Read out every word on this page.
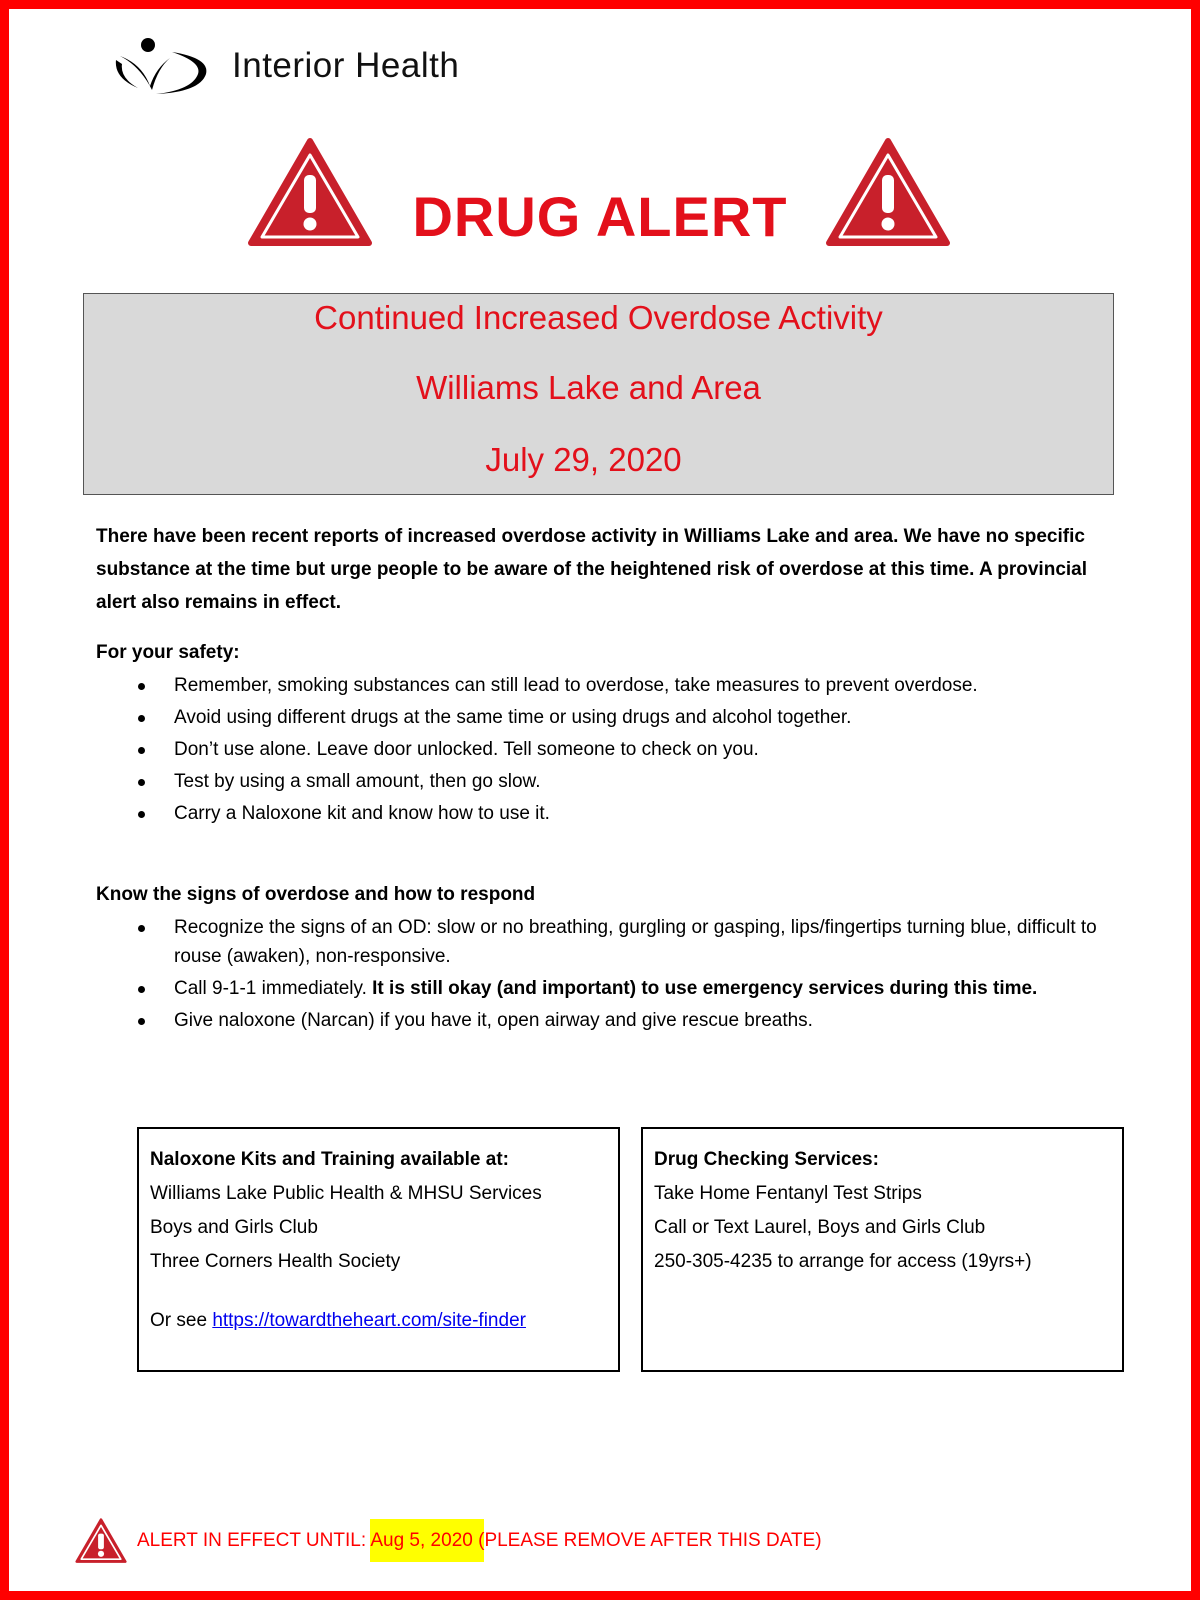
Interior Health
DRUG ALERT
Continued Increased Overdose Activity
Williams Lake and Area
July 29, 2020
There have been recent reports of increased overdose activity in Williams Lake and area. We have no specific substance at the time but urge people to be aware of the heightened risk of overdose at this time. A provincial alert also remains in effect.
For your safety:
Remember, smoking substances can still lead to overdose, take measures to prevent overdose.
Avoid using different drugs at the same time or using drugs and alcohol together.
Don’t use alone. Leave door unlocked. Tell someone to check on you.
Test by using a small amount, then go slow.
Carry a Naloxone kit and know how to use it.
Know the signs of overdose and how to respond
Recognize the signs of an OD: slow or no breathing, gurgling or gasping, lips/fingertips turning blue, difficult to rouse (awaken), non-responsive.
Call 9-1-1 immediately. It is still okay (and important) to use emergency services during this time.
Give naloxone (Narcan) if you have it, open airway and give rescue breaths.
Naloxone Kits and Training available at:
Williams Lake Public Health & MHSU Services
Boys and Girls Club
Three Corners Health Society
Or see https://towardtheheart.com/site-finder
Drug Checking Services:
Take Home Fentanyl Test Strips
Call or Text Laurel, Boys and Girls Club
250-305-4235 to arrange for access (19yrs+)
ALERT IN EFFECT UNTIL: Aug 5, 2020 (PLEASE REMOVE AFTER THIS DATE)
